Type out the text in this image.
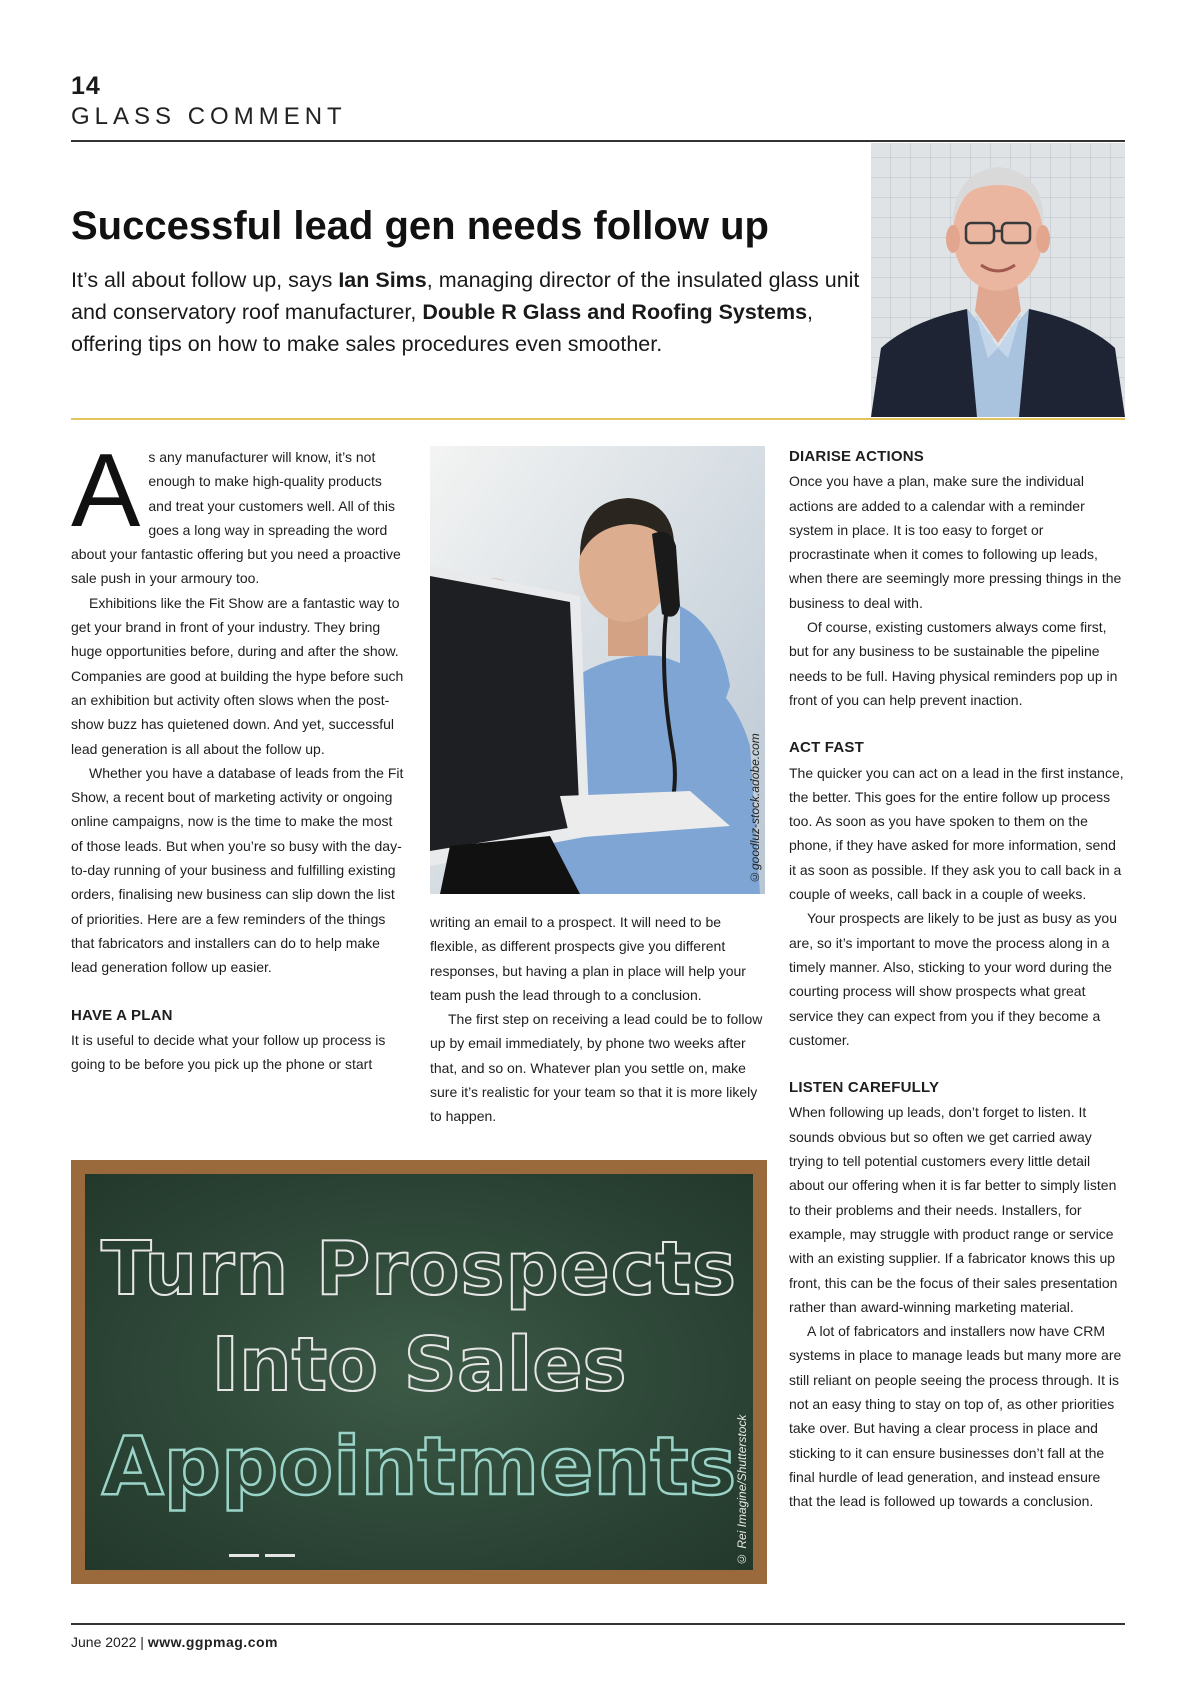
14
GLASS COMMENT
Successful lead gen needs follow up
It’s all about follow up, says Ian Sims, managing director of the insulated glass unit and conservatory roof manufacturer, Double R Glass and Roofing Systems, offering tips on how to make sales procedures even smoother.

As any manufacturer will know, it’s not enough to make high-quality products and treat your customers well. All of this goes a long way in spreading the word about your fantastic offering but you need a proactive sale push in your armoury too.

Exhibitions like the Fit Show are a fantastic way to get your brand in front of your industry. They bring huge opportunities before, during and after the show. Companies are good at building the hype before such an exhibition but activity often slows when the post-show buzz has quietened down. And yet, successful lead generation is all about the follow up.

Whether you have a database of leads from the Fit Show, a recent bout of marketing activity or ongoing online campaigns, now is the time to make the most of those leads. But when you’re so busy with the day-to-day running of your business and fulfilling existing orders, finalising new business can slip down the list of priorities. Here are a few reminders of the things that fabricators and installers can do to help make lead generation follow up easier.

HAVE A PLAN

It is useful to decide what your follow up process is going to be before you pick up the phone or start

©goodluz-stock.adobe.com

writing an email to a prospect. It will need to be flexible, as different prospects give you different responses, but having a plan in place will help your team push the lead through to a conclusion.

The first step on receiving a lead could be to follow up by email immediately, by phone two weeks after that, and so on. Whatever plan you settle on, make sure it’s realistic for your team so that it is more likely to happen.

DIARISE ACTIONS

Once you have a plan, make sure the individual actions are added to a calendar with a reminder system in place. It is too easy to forget or procrastinate when it comes to following up leads, when there are seemingly more pressing things in the business to deal with.

Of course, existing customers always come first, but for any business to be sustainable the pipeline needs to be full. Having physical reminders pop up in front of you can help prevent inaction.

ACT FAST

The quicker you can act on a lead in the first instance, the better. This goes for the entire follow up process too. As soon as you have spoken to them on the phone, if they have asked for more information, send it as soon as possible. If they ask you to call back in a couple of weeks, call back in a couple of weeks.

Your prospects are likely to be just as busy as you are, so it’s important to move the process along in a timely manner. Also, sticking to your word during the courting process will show prospects what great service they can expect from you if they become a customer.

LISTEN CAREFULLY

When following up leads, don’t forget to listen. It sounds obvious but so often we get carried away trying to tell potential customers every little detail about our offering when it is far better to simply listen to their problems and their needs. Installers, for example, may struggle with product range or service with an existing supplier. If a fabricator knows this up front, this can be the focus of their sales presentation rather than award-winning marketing material.

A lot of fabricators and installers now have CRM systems in place to manage leads but many more are still reliant on people seeing the process through. It is not an easy thing to stay on top of, as other priorities take over. But having a clear process in place and sticking to it can ensure businesses don’t fall at the final hurdle of lead generation, and instead ensure that the lead is followed up towards a conclusion.

Turn Prospects
Into Sales
Appointments
© Rei Imagine/Shutterstock
June 2022 | www.ggpmag.com
